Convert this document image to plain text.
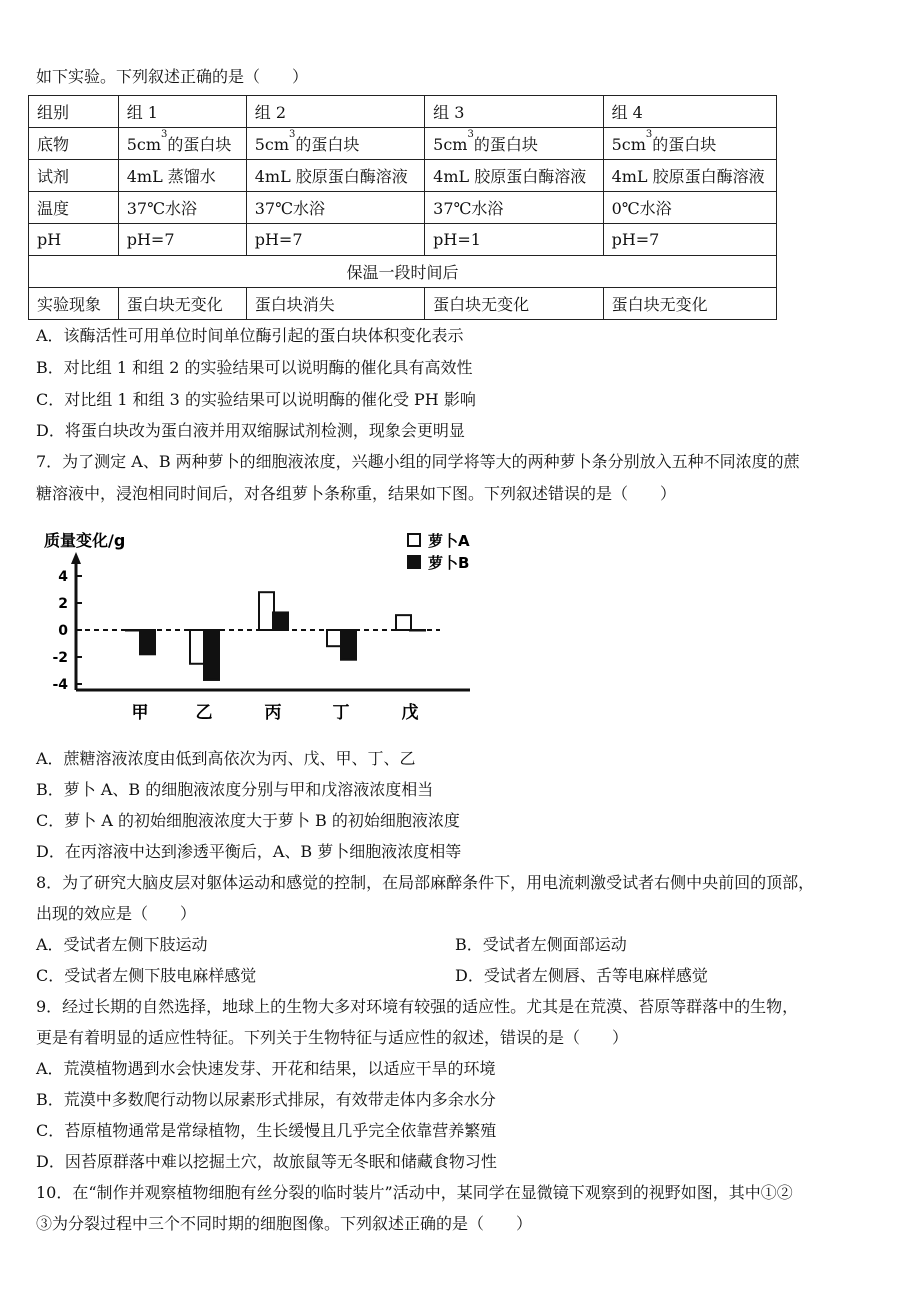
如下实验。下列叙述正确的是（　　）
组别	组 1	组 2	组 3	组 4
底物	$5cm^3$的蛋白块	$5cm^3$的蛋白块	$5cm^3$的蛋白块	$5cm^3$的蛋白块
试剂	4mL 蒸馏水	4mL 胶原蛋白酶溶液	4mL 胶原蛋白酶溶液	4mL 胶原蛋白酶溶液
温度	37℃水浴	37℃水浴	37℃水浴	0℃水浴
pH	pH=7	pH=7	pH=1	pH=7
保温一段时间后				
实验现象	蛋白块无变化	蛋白块消失	蛋白块无变化	蛋白块无变化
A．该酶活性可用单位时间单位酶引起的蛋白块体积变化表示
B．对比组 1 和组 2 的实验结果可以说明酶的催化具有高效性
C．对比组 1 和组 3 的实验结果可以说明酶的催化受 PH 影响
D．将蛋白块改为蛋白液并用双缩脲试剂检测，现象会更明显
7．为了测定 A、B 两种萝卜的细胞液浓度，兴趣小组的同学将等大的两种萝卜条分别放入五种不同浓度的蔗
糖溶液中，浸泡相同时间后，对各组萝卜条称重，结果如下图。下列叙述错误的是（　　）
质量变化/g
4
2
0
-2
-4
甲	乙	丙	丁	戊
萝卜A
萝卜B
A．蔗糖溶液浓度由低到高依次为丙、戊、甲、丁、乙
B．萝卜 A、B 的细胞液浓度分别与甲和戊溶液浓度相当
C．萝卜 A 的初始细胞液浓度大于萝卜 B 的初始细胞液浓度
D．在丙溶液中达到渗透平衡后，A、B 萝卜细胞液浓度相等
8．为了研究大脑皮层对躯体运动和感觉的控制，在局部麻醉条件下，用电流刺激受试者右侧中央前回的顶部，
出现的效应是（　　）
A．受试者左侧下肢运动	B．受试者左侧面部运动
C．受试者左侧下肢电麻样感觉	D．受试者左侧唇、舌等电麻样感觉
9．经过长期的自然选择，地球上的生物大多对环境有较强的适应性。尤其是在荒漠、苔原等群落中的生物，
更是有着明显的适应性特征。下列关于生物特征与适应性的叙述，错误的是（　　）
A．荒漠植物遇到水会快速发芽、开花和结果，以适应干旱的环境
B．荒漠中多数爬行动物以尿素形式排尿，有效带走体内多余水分
C．苔原植物通常是常绿植物，生长缓慢且几乎完全依靠营养繁殖
D．因苔原群落中难以挖掘土穴，故旅鼠等无冬眠和储藏食物习性
10．在“制作并观察植物细胞有丝分裂的临时装片”活动中，某同学在显微镜下观察到的视野如图，其中①②
③为分裂过程中三个不同时期的细胞图像。下列叙述正确的是（　　）
